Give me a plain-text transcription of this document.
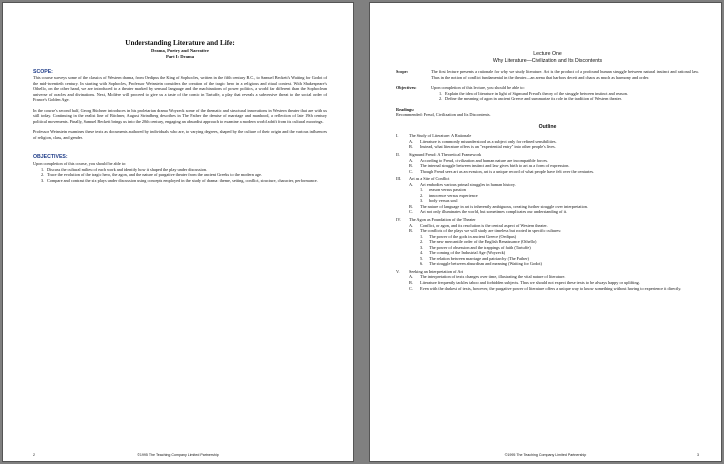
Understanding Literature and Life:
Drama, Poetry and Narrative
Part I: Drama
SCOPE:

This course surveys some of the classics of Western drama, from Oedipus the King of Sophocles, written in the fifth century B.C., to Samuel Beckett's Waiting for Godot of the mid-twentieth century. In starting with Sophocles, Professor Weinstein considers the creation of the tragic hero in a religious and ritual context. With Shakespeare's Othello, on the other hand, we are introduced to a theater marked by sensual language and the machinations of power politics, a world far different than the Sophoclean universe of oracles and divinations. Next, Molière will proceed to give us a taste of the comic in Tartuffe, a play that reveals a subversive threat to the social order of France's Golden Age.

In the course's second half, Georg Büchner introduces in his proletarian drama Woyzeck some of the thematic and structural innovations in Western theater that are with us still today. Continuing in the realist line of Büchner, August Strindberg describes in The Father the demise of marriage and manhood, a reflection of late 19th century political movements. Finally, Samuel Beckett brings us into the 20th century, engaging an absurdist approach to examine a modern world adrift from its cultural moorings.

Professor Weinstein examines these texts as documents authored by individuals who are, to varying degrees, shaped by the culture of their origin and the various influences of religion, class, and gender.

OBJECTIVES:

Upon completion of this course, you should be able to:

1. Discuss the cultural milieu of each work and identify how it shaped the play under discussion.
2. Trace the evolution of the tragic hero, the agon, and the nature of purgative theater from the ancient Greeks to the modern age.
3. Compare and contrast the six plays under discussion using concepts employed in the study of drama: theme, setting, conflict, structure, character, performance.
2	©1995 The Teaching Company Limited Partnership
Lecture One
Why Literature—Civilization and Its Discontents
Scope:	The first lecture presents a rationale for why we study literature. Art is the product of a profound human struggle between natural instinct and rational law. Thus in the notion of conflict fundamental in the theater—an arena that harbors deceit and chaos as much as harmony and order.
Objectives:	Upon completion of this lecture, you should be able to:
1. Explain the idea of literature in light of Sigmund Freud's theory of the struggle between instinct and reason.
2. Define the meaning of agon in ancient Greece and summarize its role in the tradition of Western theater.
Readings:
Recommended: Freud, Civilization and Its Discontents.
Outline
I. The Study of Literature: A Rationale
A.	Literature is commonly misunderstood as a subject only for refined sensibilities.
B.	Instead, what literature offers is an "experiential entry" into other people's lives.
II. Sigmund Freud: A Theoretical Framework
A.	According to Freud, civilization and human nature are incompatible forces.
B.	The internal struggle between instinct and law gives birth to art as a form of expression.
C.	Though Freud sees art as an evasion, art is a unique record of what people have felt over the centuries.
III. Art as a Site of Conflict
A.	Art embodies various primal struggles in human history.
1. reason versus passion
2. innocence versus experience
3. body versus soul
B.	The nature of language in art is inherently ambiguous, creating further struggle over interpretation.
C.	Art not only illuminates the world, but sometimes complicates our understanding of it.
IV. The Agon as Foundation of the Theater
A.	Conflict, or agon, and its resolution is the central aspect of Western theater.
B.	The conflicts of the plays we will study are timeless but rooted in specific cultures:
1. The power of the gods in ancient Greece (Oedipus)
2. The new mercantile order of the English Renaissance (Othello)
3. The power of obsession and the trappings of faith (Tartuffe)
4. The coming of the Industrial Age (Woyzeck)
5. The relation between marriage and patriarchy (The Father)
6. The struggle between absurdism and meaning (Waiting for Godot)
V. Seeking an Interpretation of Art
A.	The interpretation of texts changes over time, illustrating the vital nature of literature.
B.	Literature frequently tackles taboo and forbidden subjects. Thus we should not expect these texts to be always happy or uplifting.
C.	Even with the darkest of texts, however, the purgative power of literature offers a unique way to know something without having to experience it directly.
©1995 The Teaching Company Limited Partnership	3
